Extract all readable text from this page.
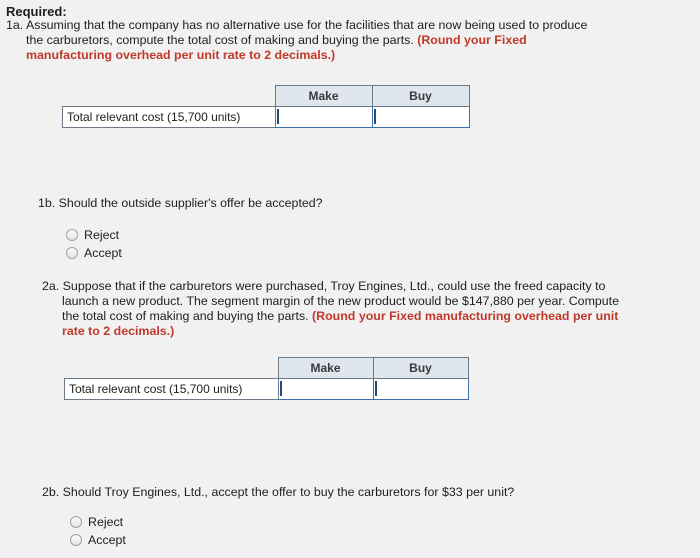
Required:
1a. Assuming that the company has no alternative use for the facilities that are now being used to produce
the carburetors, compute the total cost of making and buying the parts. (Round your Fixed
manufacturing overhead per unit rate to 2 decimals.)
	Make	Buy
Total relevant cost (15,700 units)	

1b. Should the outside supplier's offer be accepted?
Reject
Accept
2a. Suppose that if the carburetors were purchased, Troy Engines, Ltd., could use the freed capacity to
launch a new product. The segment margin of the new product would be $147,880 per year. Compute
the total cost of making and buying the parts. (Round your Fixed manufacturing overhead per unit
rate to 2 decimals.)
	Make	Buy
Total relevant cost (15,700 units)	

2b. Should Troy Engines, Ltd., accept the offer to buy the carburetors for $33 per unit?
Reject
Accept
